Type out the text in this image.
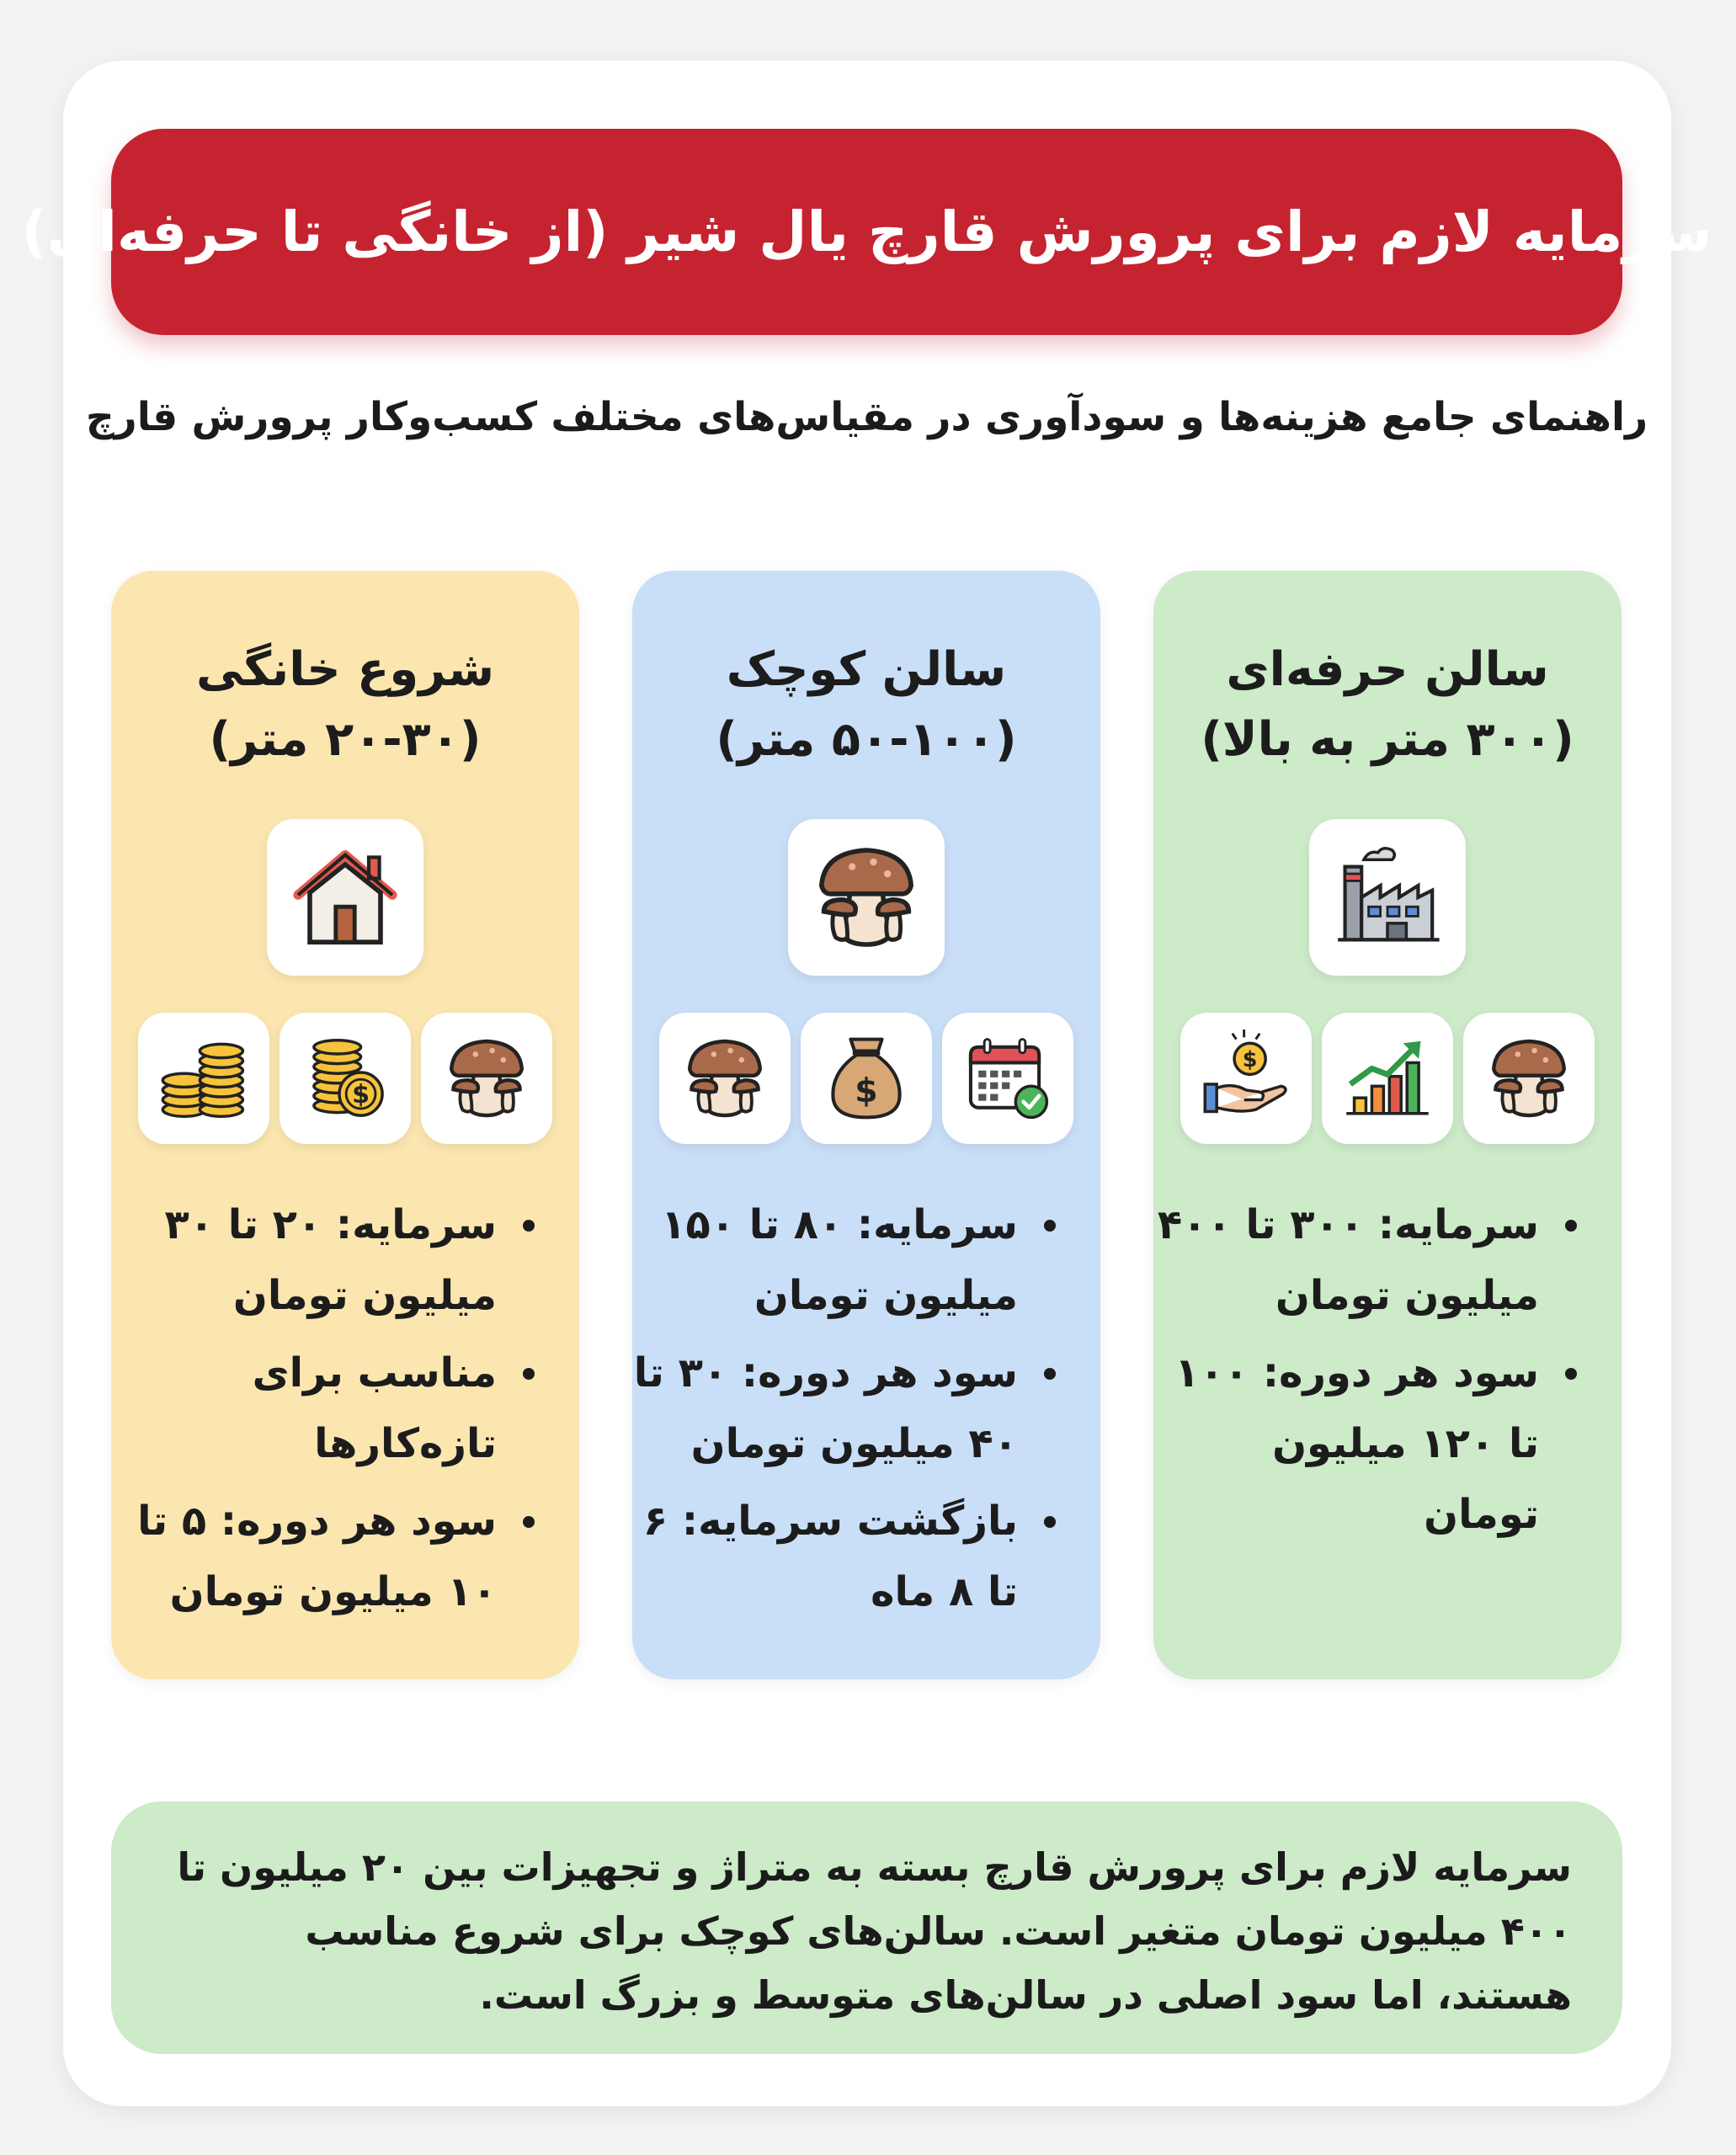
سرمایه لازم برای پرورش قارچ یال شیر (از خانگی تا حرفه‌ای)
راهنمای جامع هزینه‌ها و سودآوری در مقیاس‌های مختلف کسب‌وکار پرورش قارچ
شروع خانگی
(۲۰-۳۰ متر)
$
سرمایه: ۲۰ تا ۳۰ میلیون تومان
مناسب برای تازه‌کارها
سود هر دوره: ۵ تا ۱۰ میلیون تومان
سالن کوچک
(۵۰-۱۰۰ متر)
$
سرمایه: ۸۰ تا ۱۵۰ میلیون تومان
سود هر دوره: ۳۰ تا ۴۰ میلیون تومان
بازگشت سرمایه: ۶ تا ۸ ماه
سالن حرفه‌ای
(۳۰۰ متر به بالا)
$
سرمایه: ۳۰۰ تا ۴۰۰ میلیون تومان
سود هر دوره: ۱۰۰ تا ۱۲۰ میلیون تومان
سرمایه لازم برای پرورش قارچ بسته به متراژ و تجهیزات بین ۲۰ میلیون تا ۴۰۰ میلیون تومان متغیر است. سالن‌های کوچک برای شروع مناسب هستند، اما سود اصلی در سالن‌های متوسط و بزرگ است.
